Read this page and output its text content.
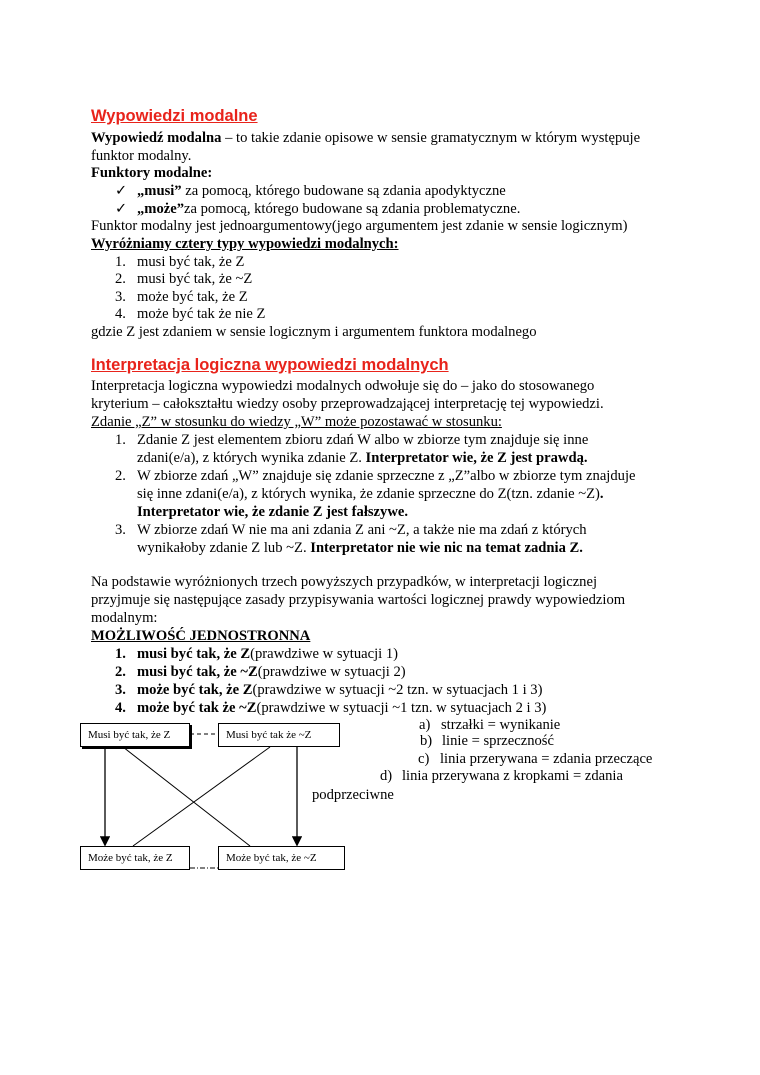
Wypowiedzi modalne
Wypowiedź modalna – to takie zdanie opisowe w sensie gramatycznym w którym występuje
funktor modalny.
Funktory modalne:
✓ „musi” za pomocą, którego budowane są zdania apodyktyczne
✓ „może”za pomocą, którego budowane są zdania problematyczne.
Funktor modalny jest jednoargumentowy(jego argumentem jest zdanie w sensie logicznym)
Wyróżniamy cztery typy wypowiedzi modalnych:
1. musi być tak, że Z
2. musi być tak, że ~Z
3. może być tak, że Z
4. może być tak że nie Z
gdzie Z jest zdaniem w sensie logicznym i argumentem funktora modalnego
Interpretacja logiczna wypowiedzi modalnych
Interpretacja logiczna wypowiedzi modalnych odwołuje się do – jako do stosowanego
kryterium – całokształtu wiedzy osoby przeprowadzającej interpretację tej wypowiedzi.
Zdanie „Z” w stosunku do wiedzy „W” może pozostawać w stosunku:
1. Zdanie Z jest elementem zbioru zdań W albo w zbiorze tym znajduje się inne
zdani(e/a), z których wynika zdanie Z. Interpretator wie, że Z jest prawdą.
2. W zbiorze zdań „W” znajduje się zdanie sprzeczne z „Z”albo w zbiorze tym znajduje
się inne zdani(e/a), z których wynika, że zdanie sprzeczne do Z(tzn. zdanie ~Z).
Interpretator wie, że zdanie Z jest fałszywe.
3. W zbiorze zdań W nie ma ani zdania Z ani ~Z, a także nie ma zdań z których
wynikałoby zdanie Z lub ~Z. Interpretator nie wie nic na temat zadnia Z.
Na podstawie wyróżnionych trzech powyższych przypadków, w interpretacji logicznej
przyjmuje się następujące zasady przypisywania wartości logicznej prawdy wypowiedziom
modalnym:
MOŻLIWOŚĆ JEDNOSTRONNA
1. musi być tak, że Z(prawdziwe w sytuacji 1)
2. musi być tak, że ~Z(prawdziwe w sytuacji 2)
3. może być tak, że Z(prawdziwe w sytuacji ~2 tzn. w sytuacjach 1 i 3)
4. może być tak że ~Z(prawdziwe w sytuacji ~1 tzn. w sytuacjach 2 i 3)
a) strzałki = wynikanie
b) linie = sprzeczność
c) linia przerywana = zdania przeczące
d) linia przerywana z kropkami = zdania
podprzeciwne
Musi być tak, że Z	Musi być tak że ~Z
Może być tak, że Z	Może być tak, że ~Z
